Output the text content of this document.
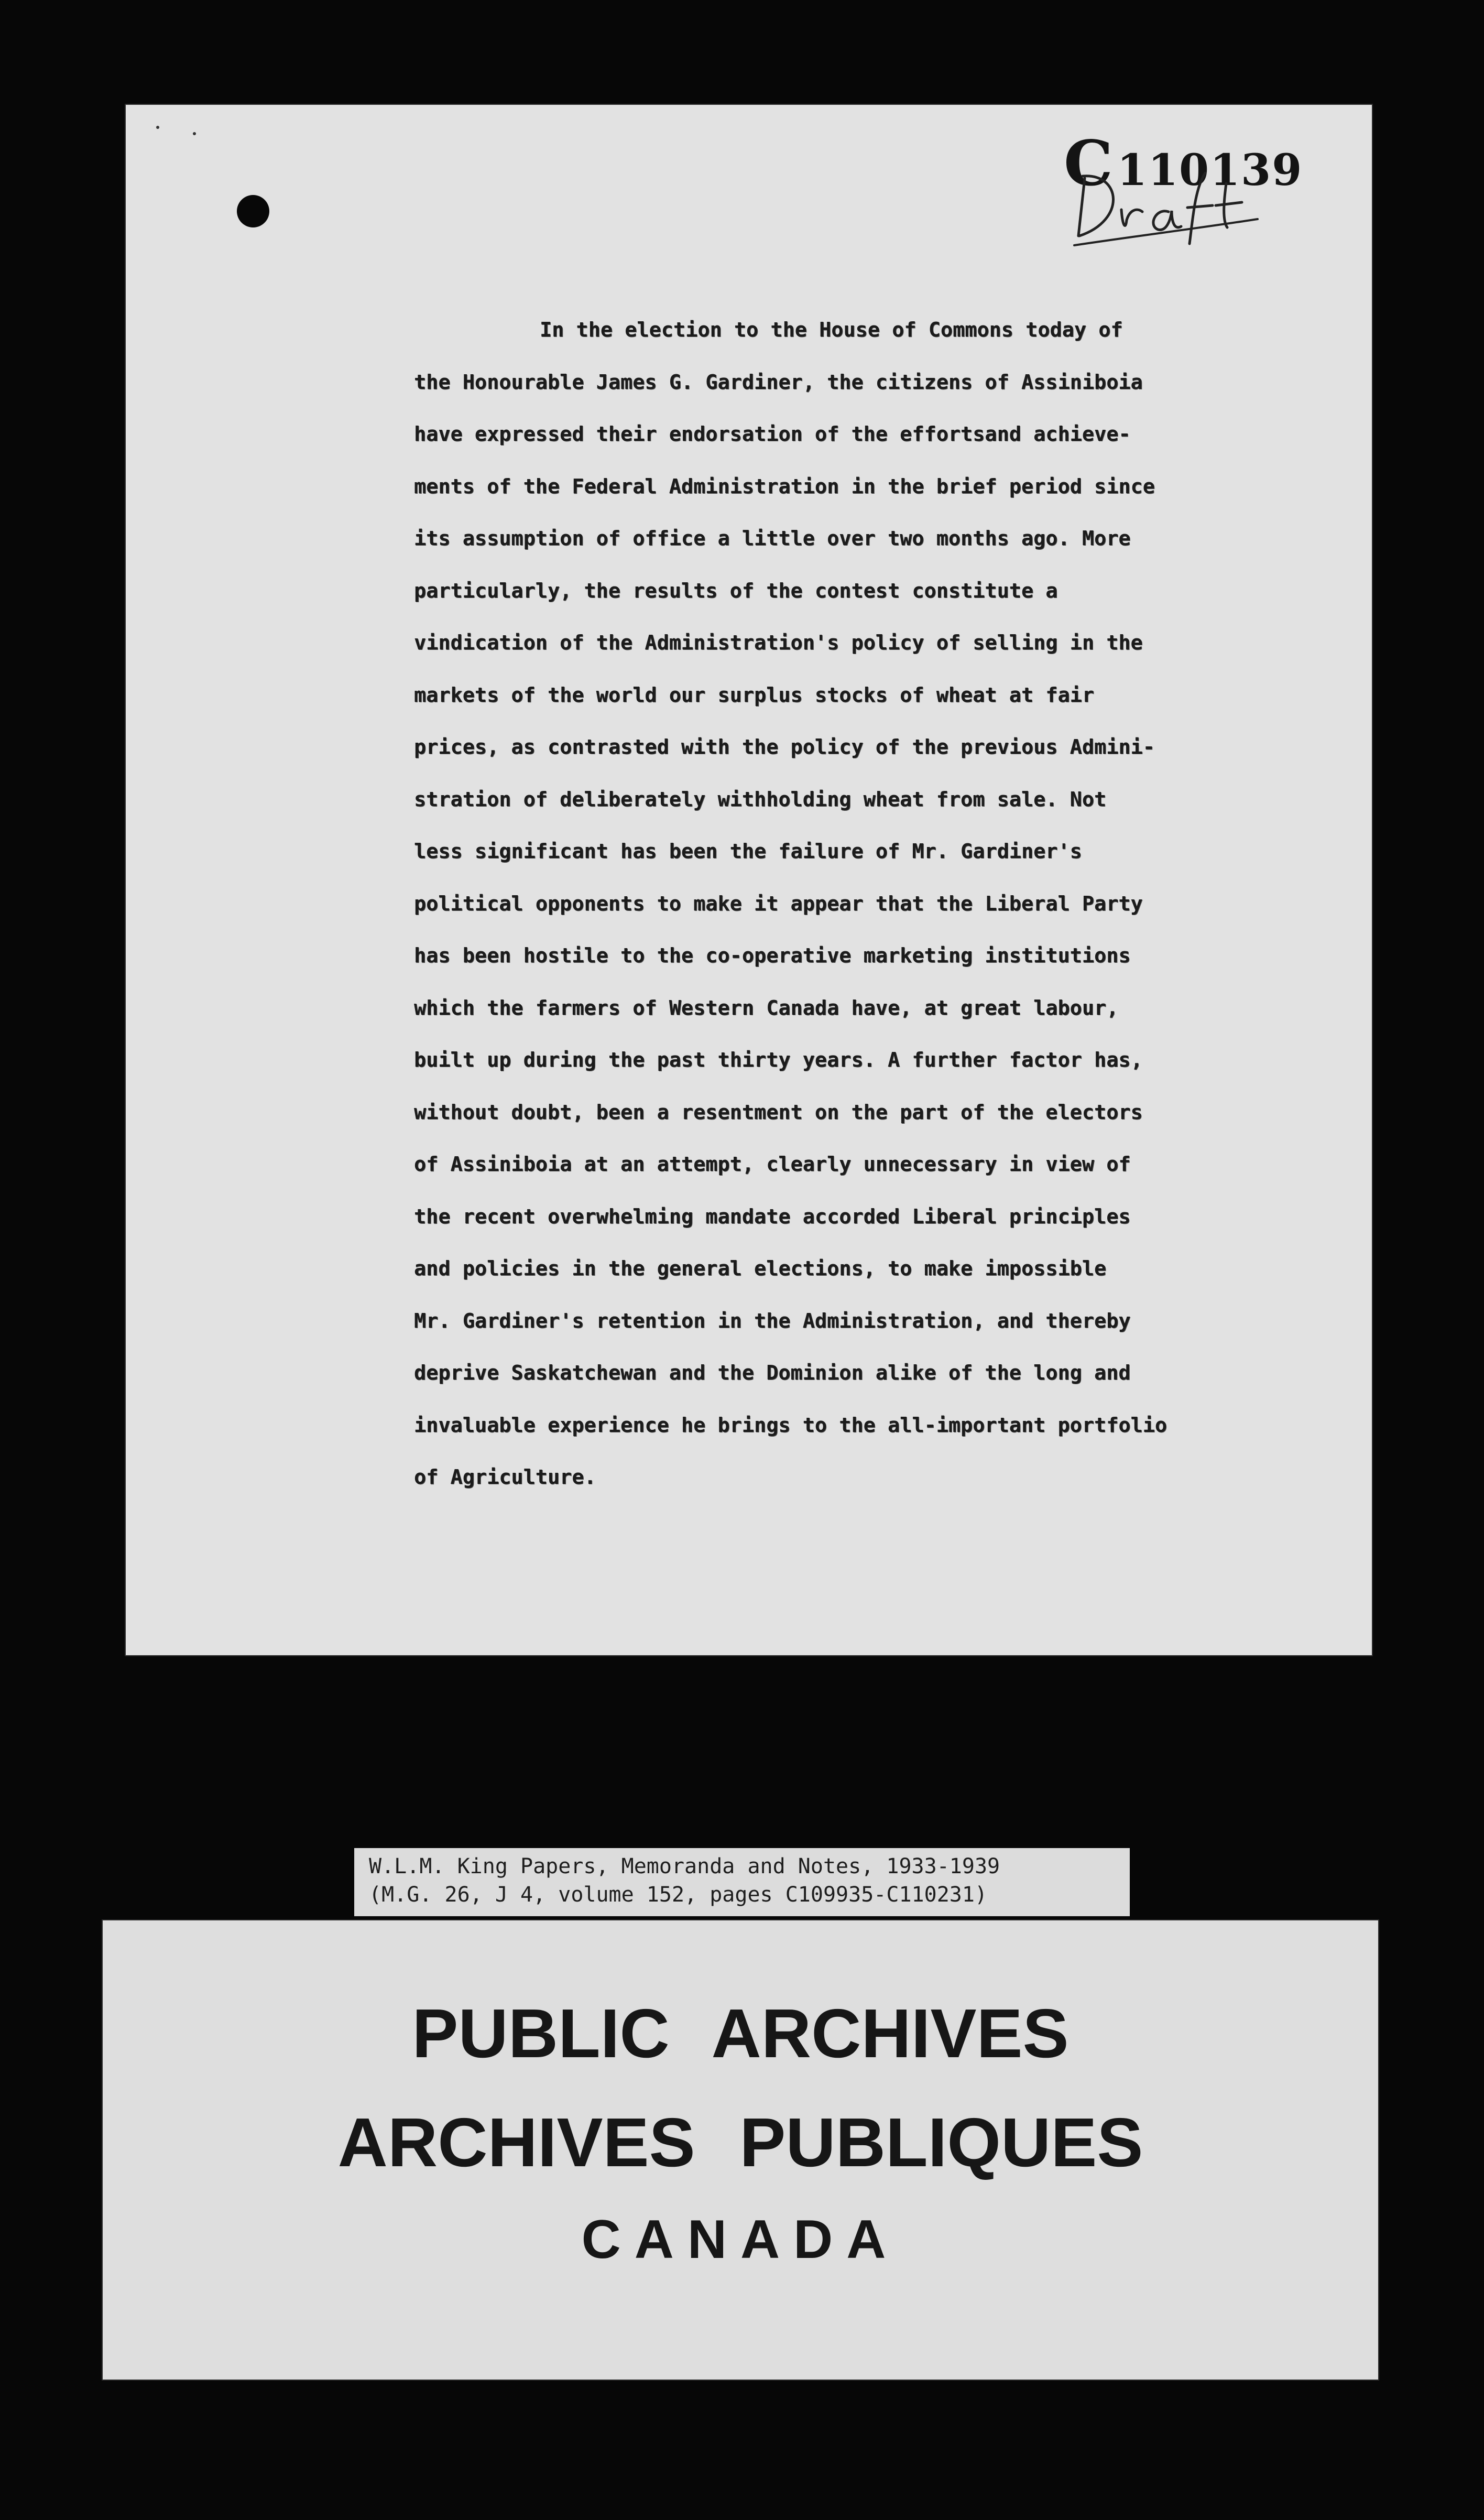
C110139
In the election to the House of Commons today of
the Honourable James G. Gardiner, the citizens of Assiniboia
have expressed their endorsation of the effortsand achieve-
ments of the Federal Administration in the brief period since
its assumption of office a little over two months ago. More
particularly, the results of the contest constitute a
vindication of the Administration's policy of selling in the
markets of the world our surplus stocks of wheat at fair
prices, as contrasted with the policy of the previous Admini-
stration of deliberately withholding wheat from sale. Not
less significant has been the failure of Mr. Gardiner's
political opponents to make it appear that the Liberal Party
has been hostile to the co-operative marketing institutions
which the farmers of Western Canada have, at great labour,
built up during the past thirty years. A further factor has,
without doubt, been a resentment on the part of the electors
of Assiniboia at an attempt, clearly unnecessary in view of
the recent overwhelming mandate accorded Liberal principles
and policies in the general elections, to make impossible
Mr. Gardiner's retention in the Administration, and thereby
deprive Saskatchewan and the Dominion alike of the long and
invaluable experience he brings to the all-important portfolio
of Agriculture.
W.L.M. King Papers, Memoranda and Notes, 1933-1939
(M.G. 26, J 4, volume 152, pages C109935-C110231)
PUBLIC ARCHIVES
ARCHIVES PUBLIQUES
CANADA
